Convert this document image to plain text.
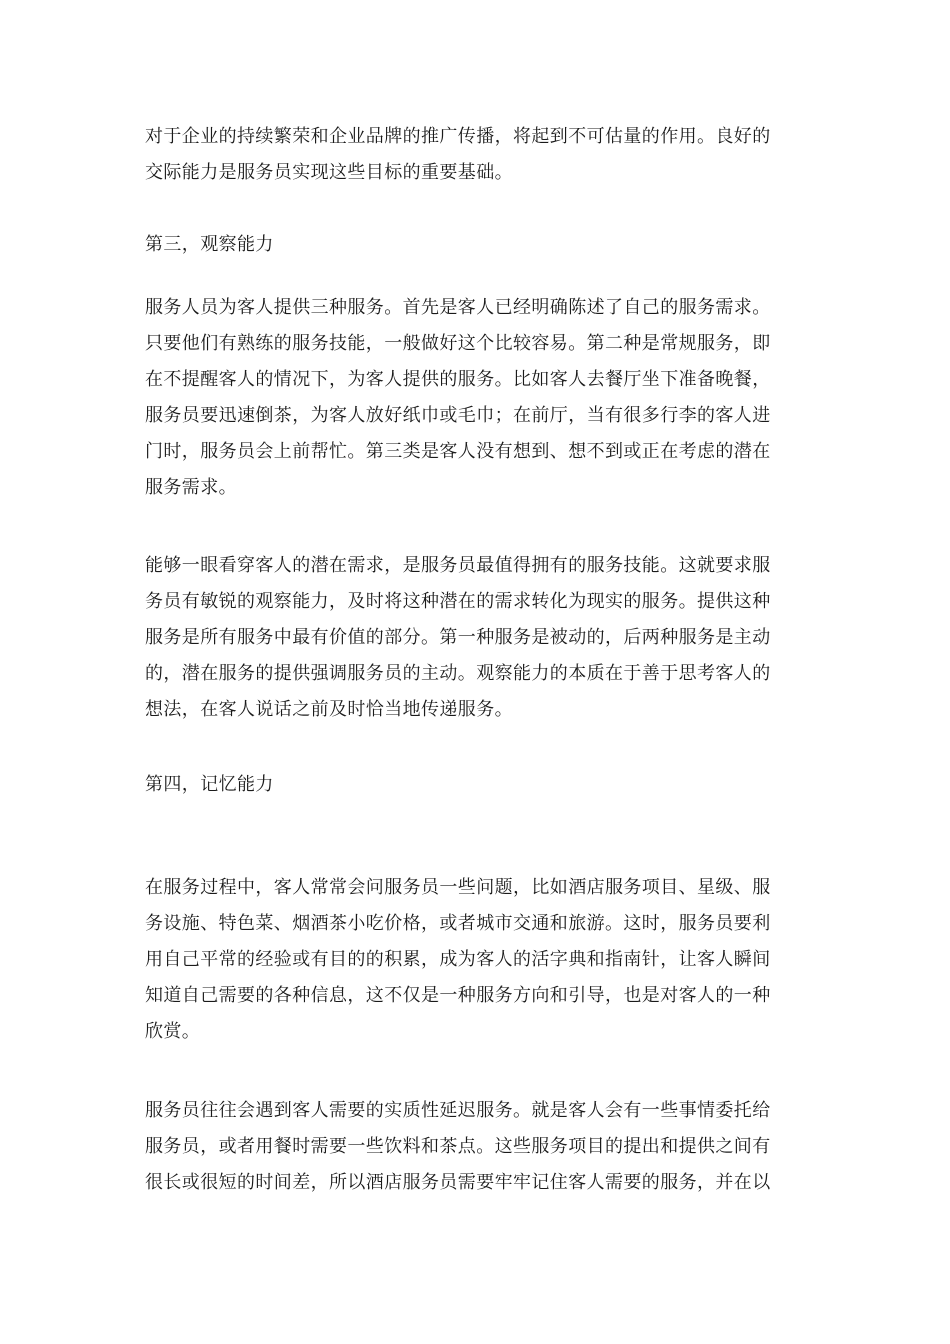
对于企业的持续繁荣和企业品牌的推广传播，将起到不可估量的作用。良好的
交际能力是服务员实现这些目标的重要基础。
第三，观察能力
服务人员为客人提供三种服务。首先是客人已经明确陈述了自己的服务需求。
只要他们有熟练的服务技能，一般做好这个比较容易。第二种是常规服务，即
在不提醒客人的情况下，为客人提供的服务。比如客人去餐厅坐下准备晚餐，
服务员要迅速倒茶，为客人放好纸巾或毛巾；在前厅，当有很多行李的客人进
门时，服务员会上前帮忙。第三类是客人没有想到、想不到或正在考虑的潜在
服务需求。
能够一眼看穿客人的潜在需求，是服务员最值得拥有的服务技能。这就要求服
务员有敏锐的观察能力，及时将这种潜在的需求转化为现实的服务。提供这种
服务是所有服务中最有价值的部分。第一种服务是被动的，后两种服务是主动
的，潜在服务的提供强调服务员的主动。观察能力的本质在于善于思考客人的
想法，在客人说话之前及时恰当地传递服务。
第四，记忆能力
在服务过程中，客人常常会问服务员一些问题，比如酒店服务项目、星级、服
务设施、特色菜、烟酒茶小吃价格，或者城市交通和旅游。这时，服务员要利
用自己平常的经验或有目的的积累，成为客人的活字典和指南针，让客人瞬间
知道自己需要的各种信息，这不仅是一种服务方向和引导，也是对客人的一种
欣赏。
服务员往往会遇到客人需要的实质性延迟服务。就是客人会有一些事情委托给
服务员，或者用餐时需要一些饮料和茶点。这些服务项目的提出和提供之间有
很长或很短的时间差，所以酒店服务员需要牢牢记住客人需要的服务，并在以
